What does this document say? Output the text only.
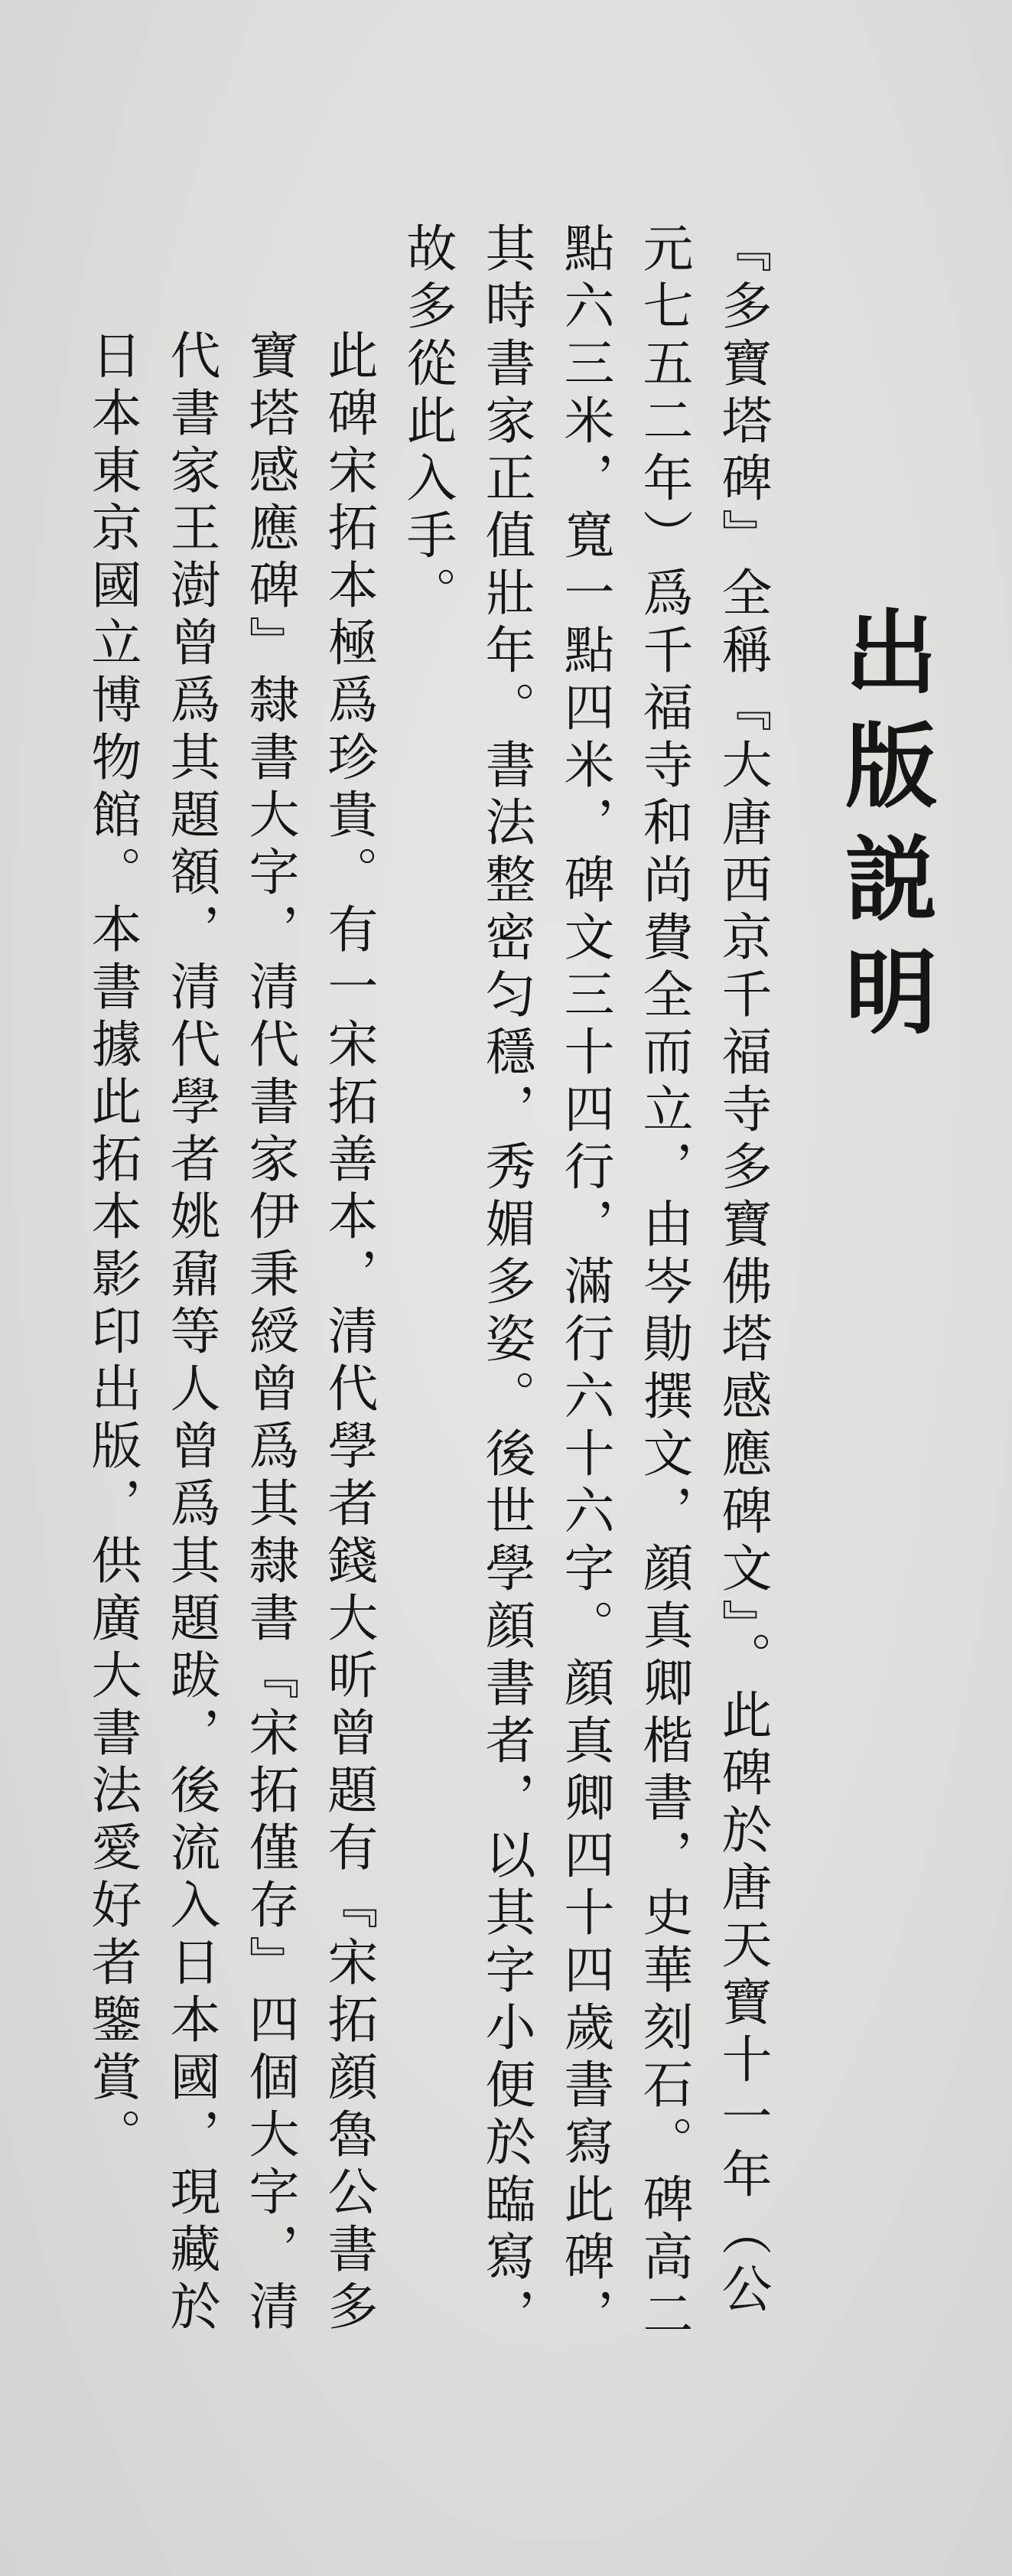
出版説明

『多寶塔碑』全稱『大唐西京千福寺多寶佛塔感應碑文』。此碑於唐天寶十一年（公元七五二年）爲千福寺和尚費全而立，由岑勛撰文，顔真卿楷書，史華刻石。碑高二點六三米，寬一點四米，碑文三十四行，滿行六十六字。顔真卿四十四歲書寫此碑，其時書家正值壯年。書法整密匀穩，秀媚多姿。後世學顔書者，以其字小便於臨寫，故多從此入手。

此碑宋拓本極爲珍貴。有一宋拓善本，清代學者錢大昕曾題有『宋拓顔魯公書多寶塔感應碑』隸書大字，清代書家伊秉綬曾爲其隸書『宋拓僅存』四個大字，清代書家王澍曾爲其題額，清代學者姚鼐等人曾爲其題跋，後流入日本國，現藏於日本東京國立博物館。本書據此拓本影印出版，供廣大書法愛好者鑒賞。
